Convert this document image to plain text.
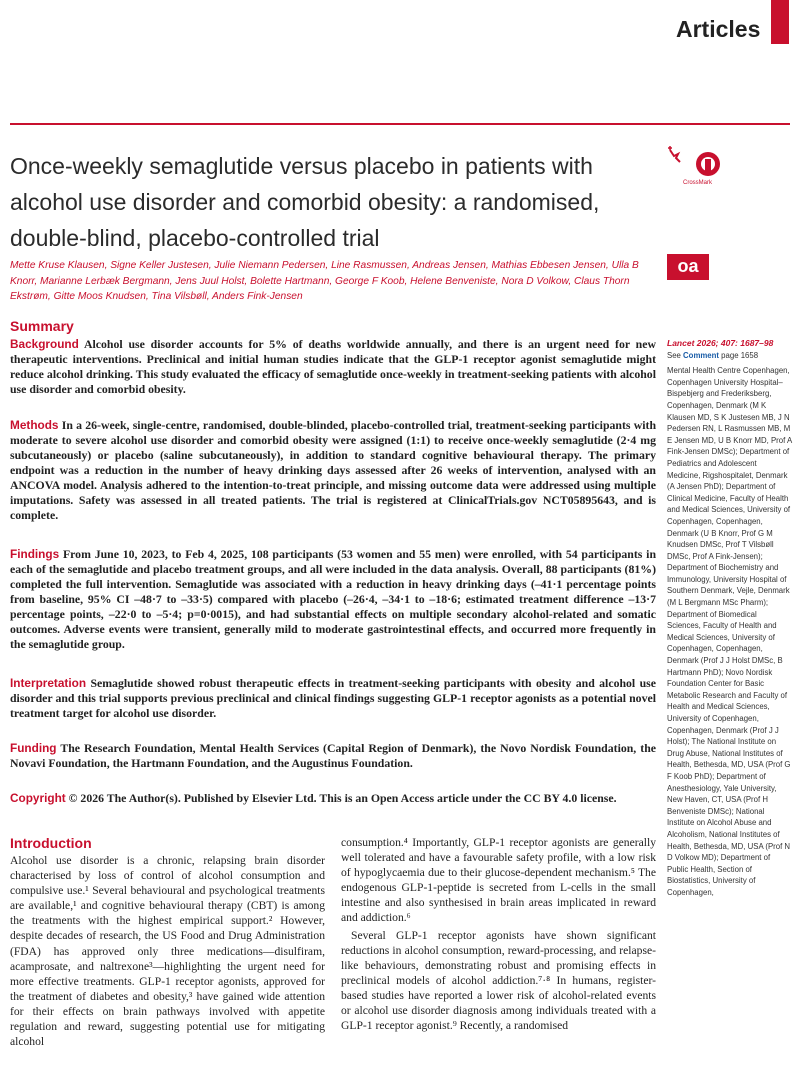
Articles
Once-weekly semaglutide versus placebo in patients with alcohol use disorder and comorbid obesity: a randomised, double-blind, placebo-controlled trial
CrossMark
oa
Mette Kruse Klausen, Signe Keller Justesen, Julie Niemann Pedersen, Line Rasmussen, Andreas Jensen, Mathias Ebbesen Jensen, Ulla B Knorr, Marianne Lerbæk Bergmann, Jens Juul Holst, Bolette Hartmann, George F Koob, Helene Benveniste, Nora D Volkow, Claus Thorn Ekstrøm, Gitte Moos Knudsen, Tina Vilsbøll, Anders Fink-Jensen
Summary

Background Alcohol use disorder accounts for 5% of deaths worldwide annually, and there is an urgent need for new therapeutic interventions. Preclinical and initial human studies indicate that the GLP-1 receptor agonist semaglutide might reduce alcohol drinking. This study evaluated the efficacy of semaglutide once-weekly in treatment-seeking patients with alcohol use disorder and comorbid obesity.

Methods In a 26-week, single-centre, randomised, double-blinded, placebo-controlled trial, treatment-seeking participants with moderate to severe alcohol use disorder and comorbid obesity were assigned (1:1) to receive once-weekly semaglutide (2·4 mg subcutaneously) or placebo (saline subcutaneously), in addition to standard cognitive behavioural therapy. The primary endpoint was a reduction in the number of heavy drinking days assessed after 26 weeks of intervention, analysed with an ANCOVA model. Analysis adhered to the intention-to-treat principle, and missing outcome data were addressed using multiple imputations. Safety was assessed in all treated patients. The trial is registered at ClinicalTrials.gov NCT05895643, and is complete.

Findings From June 10, 2023, to Feb 4, 2025, 108 participants (53 women and 55 men) were enrolled, with 54 participants in each of the semaglutide and placebo treatment groups, and all were included in the data analysis. Overall, 88 participants (81%) completed the full intervention. Semaglutide was associated with a reduction in heavy drinking days (–41·1 percentage points from baseline, 95% CI –48·7 to –33·5) compared with placebo (–26·4, –34·1 to –18·6; estimated treatment difference –13·7 percentage points, –22·0 to –5·4; p=0·0015), and had substantial effects on multiple secondary alcohol-related and somatic outcomes. Adverse events were transient, generally mild to moderate gastrointestinal effects, and occurred more frequently in the semaglutide group.

Interpretation Semaglutide showed robust therapeutic effects in treatment-seeking participants with obesity and alcohol use disorder and this trial supports previous preclinical and clinical findings suggesting GLP-1 receptor agonists as a potential novel treatment target for alcohol use disorder.

Funding The Research Foundation, Mental Health Services (Capital Region of Denmark), the Novo Nordisk Foundation, the Novavi Foundation, the Hartmann Foundation, and the Augustinus Foundation.

Copyright © 2026 The Author(s). Published by Elsevier Ltd. This is an Open Access article under the CC BY 4.0 license.

Lancet 2026; 407: 1687–98
See Comment page 1658
Mental Health Centre Copenhagen, Copenhagen University Hospital–Bispebjerg and Frederiksberg, Copenhagen, Denmark (M K Klausen MD, S K Justesen MB, J N Pedersen RN, L Rasmussen MB, M E Jensen MD, U B Knorr MD, Prof A Fink-Jensen DMSc); Department of Pediatrics and Adolescent Medicine, Rigshospitalet, Denmark (A Jensen PhD); Department of Clinical Medicine, Faculty of Health and Medical Sciences, University of Copenhagen, Copenhagen, Denmark (U B Knorr, Prof G M Knudsen DMSc, Prof T Vilsbøll DMSc, Prof A Fink-Jensen); Department of Biochemistry and Immunology, University Hospital of Southern Denmark, Vejle, Denmark (M L Bergmann MSc Pharm); Department of Biomedical Sciences, Faculty of Health and Medical Sciences, University of Copenhagen, Copenhagen, Denmark (Prof J J Holst DMSc, B Hartmann PhD); Novo Nordisk Foundation Center for Basic Metabolic Research and Faculty of Health and Medical Sciences, University of Copenhagen, Copenhagen, Denmark (Prof J J Holst); The National Institute on Drug Abuse, National Institutes of Health, Bethesda, MD, USA (Prof G F Koob PhD); Department of Anesthesiology, Yale University, New Haven, CT, USA (Prof H Benveniste DMSc); National Institute on Alcohol Abuse and Alcoholism, National Institutes of Health, Bethesda, MD, USA (Prof N D Volkow MD); Department of Public Health, Section of Biostatistics, University of Copenhagen,
Introduction

Alcohol use disorder is a chronic, relapsing brain disorder characterised by loss of control of alcohol consumption and compulsive use.¹ Several behavioural and psychological treatments are available,¹ and cognitive behavioural therapy (CBT) is among the treatments with the highest empirical support.² However, despite decades of research, the US Food and Drug Administration (FDA) has approved only three medications—disulfiram, acamprosate, and naltrexone³—highlighting the urgent need for more effective treatments. GLP-1 receptor agonists, approved for the treatment of diabetes and obesity,³ have gained wide attention for their effects on brain pathways involved with appetite regulation and reward, suggesting potential use for mitigating alcohol

consumption.⁴ Importantly, GLP-1 receptor agonists are generally well tolerated and have a favourable safety profile, with a low risk of hypoglycaemia due to their glucose-dependent mechanism.⁵ The endogenous GLP-1-peptide is secreted from L-cells in the small intestine and also synthesised in brain areas implicated in reward and addiction.⁶

Several GLP-1 receptor agonists have shown significant reductions in alcohol consumption, reward-processing, and relapse-like behaviours, demonstrating robust and promising effects in preclinical models of alcohol addiction.⁷·⁸ In humans, register-based studies have reported a lower risk of alcohol-related events or alcohol use disorder diagnosis among individuals treated with a GLP-1 receptor agonist.⁹ Recently, a randomised
